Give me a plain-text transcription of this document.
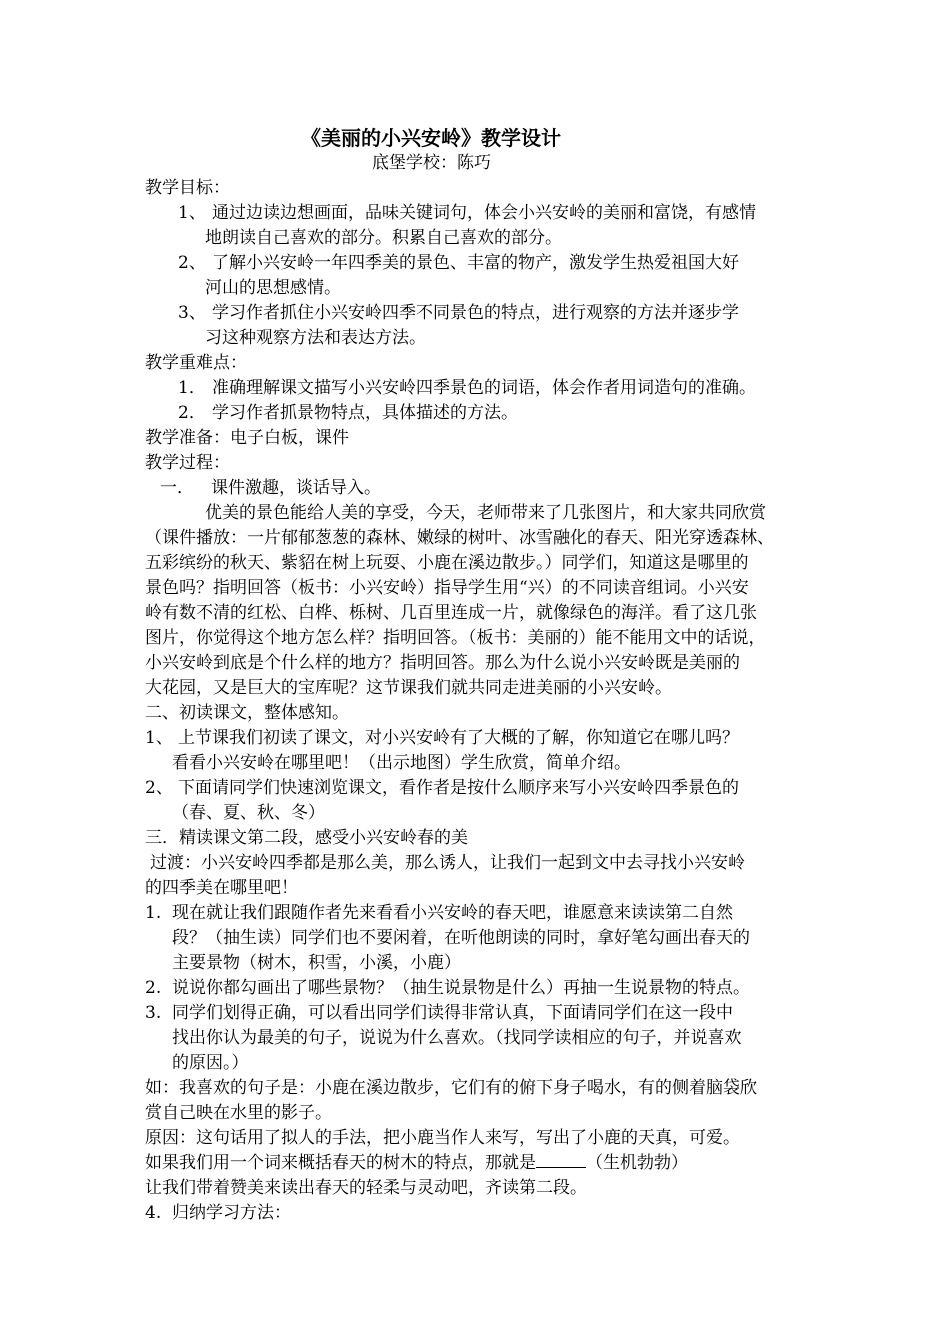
《美丽的小兴安岭》教学设计
底堡学校：陈巧
教学目标：
1、 通过边读边想画面，品味关键词句，体会小兴安岭的美丽和富饶，有感情
地朗读自己喜欢的部分。积累自己喜欢的部分。
2、 了解小兴安岭一年四季美的景色、丰富的物产，激发学生热爱祖国大好
河山的思想感情。
3、 学习作者抓住小兴安岭四季不同景色的特点，进行观察的方法并逐步学
习这种观察方法和表达方法。
教学重难点：
1． 准确理解课文描写小兴安岭四季景色的词语，体会作者用词造句的准确。
2． 学习作者抓景物特点，具体描述的方法。
教学准备：电子白板，课件
教学过程：
一． 课件激趣，谈话导入。
优美的景色能给人美的享受，今天，老师带来了几张图片，和大家共同欣赏
（课件播放：一片郁郁葱葱的森林、嫩绿的树叶、冰雪融化的春天、阳光穿透森林、
五彩缤纷的秋天、紫貂在树上玩耍、小鹿在溪边散步。）同学们，知道这是哪里的
景色吗？指明回答（板书：小兴安岭）指导学生用“兴）的不同读音组词。小兴安
岭有数不清的红松、白桦、栎树、几百里连成一片，就像绿色的海洋。看了这几张
图片，你觉得这个地方怎么样？指明回答。（板书：美丽的）能不能用文中的话说，
小兴安岭到底是个什么样的地方？指明回答。那么为什么说小兴安岭既是美丽的
大花园，又是巨大的宝库呢？这节课我们就共同走进美丽的小兴安岭。
二、初读课文，整体感知。
1、 上节课我们初读了课文，对小兴安岭有了大概的了解，你知道它在哪儿吗？
看看小兴安岭在哪里吧！（出示地图）学生欣赏，简单介绍。
2、 下面请同学们快速浏览课文，看作者是按什么顺序来写小兴安岭四季景色的
（春、夏、秋、冬）
三．精读课文第二段，感受小兴安岭春的美
过渡：小兴安岭四季都是那么美，那么诱人，让我们一起到文中去寻找小兴安岭
的四季美在哪里吧！
1. 现在就让我们跟随作者先来看看小兴安岭的春天吧，谁愿意来读读第二自然
段？（抽生读）同学们也不要闲着，在听他朗读的同时，拿好笔勾画出春天的
主要景物（树木，积雪，小溪，小鹿）
2. 说说你都勾画出了哪些景物？（抽生说景物是什么）再抽一生说景物的特点。
3. 同学们划得正确，可以看出同学们读得非常认真，下面请同学们在这一段中
找出你认为最美的句子，说说为什么喜欢。（找同学读相应的句子，并说喜欢
的原因。）
如：我喜欢的句子是：小鹿在溪边散步，它们有的俯下身子喝水，有的侧着脑袋欣
赏自己映在水里的影子。
原因：这句话用了拟人的手法，把小鹿当作人来写，写出了小鹿的天真，可爱。
如果我们用一个词来概括春天的树木的特点，那就是	（生机勃勃）
让我们带着赞美来读出春天的轻柔与灵动吧，齐读第二段。
4. 归纳学习方法：
